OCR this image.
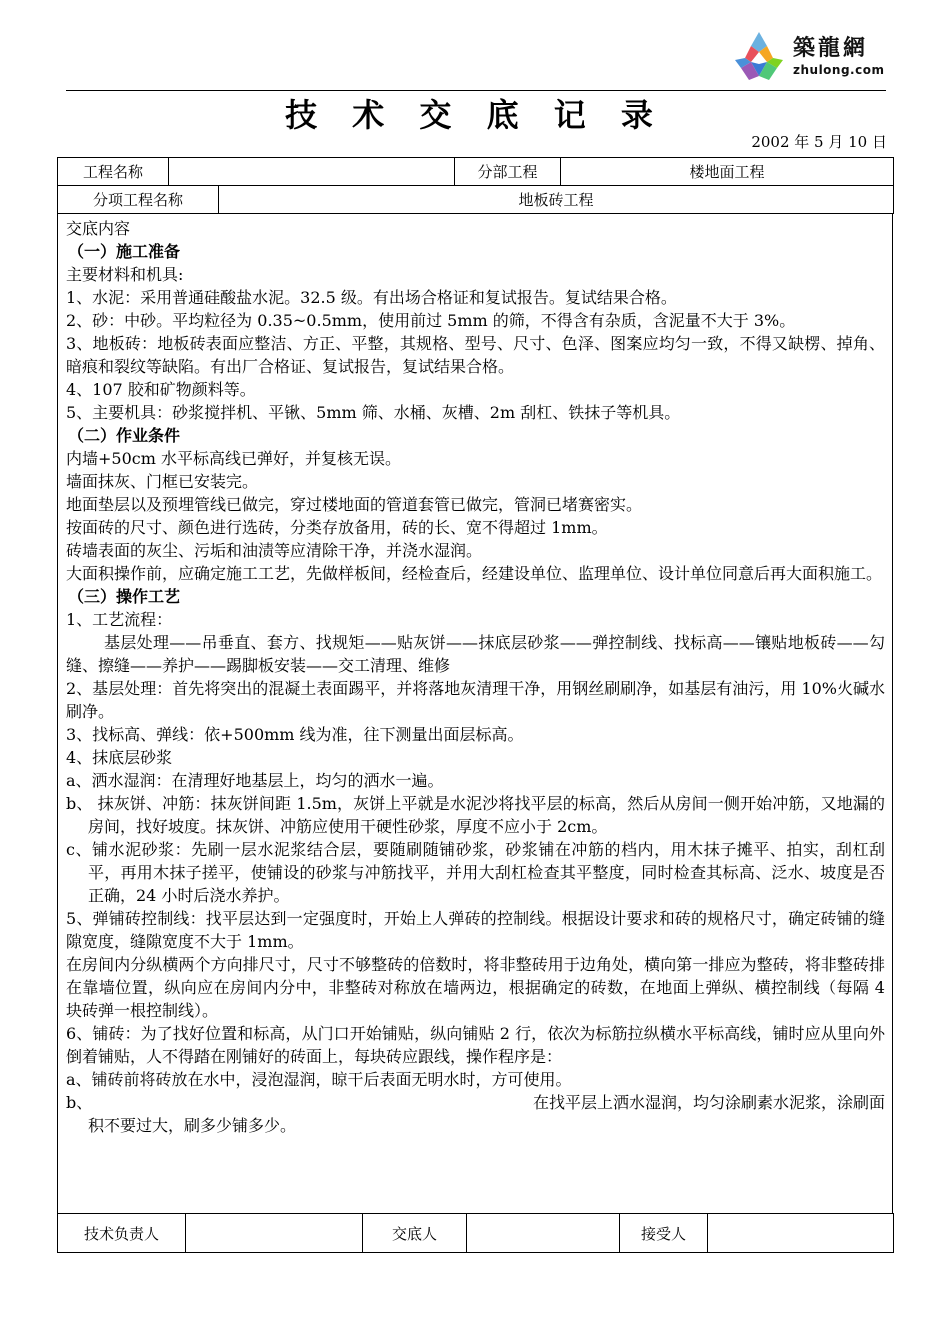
築龍網
zhulong.com
技 术 交 底 记 录
2002 年 5 月 10 日
工程名称		分部工程	楼地面工程
分项工程名称	地板砖工程

交底内容

（一）施工准备

主要材料和机具:

1、水泥：采用普通硅酸盐水泥。32.5 级。有出场合格证和复试报告。复试结果合格。

2、砂：中砂。平均粒径为 0.35~0.5mm，使用前过 5mm 的筛，不得含有杂质，含泥量不大于 3%。

3、地板砖：地板砖表面应整洁、方正、平整，其规格、型号、尺寸、色泽、图案应均匀一致，不得又缺楞、掉角、暗痕和裂纹等缺陷。有出厂合格证、复试报告，复试结果合格。

4、107 胶和矿物颜料等。

5、主要机具：砂浆搅拌机、平锹、5mm 筛、水桶、灰槽、2m 刮杠、铁抹子等机具。

（二）作业条件

内墙+50cm 水平标高线已弹好，并复核无误。

墙面抹灰、门框已安装完。

地面垫层以及预埋管线已做完，穿过楼地面的管道套管已做完，管洞已堵赛密实。

按面砖的尺寸、颜色进行选砖，分类存放备用，砖的长、宽不得超过 1mm。

砖墙表面的灰尘、污垢和油渍等应清除干净，并浇水湿润。

大面积操作前，应确定施工工艺，先做样板间，经检查后，经建设单位、监理单位、设计单位同意后再大面积施工。

（三）操作工艺

1、工艺流程：

基层处理——吊垂直、套方、找规矩——贴灰饼——抹底层砂浆——弹控制线、找标高——镶贴地板砖——勾缝、擦缝——养护——踢脚板安装——交工清理、维修

2、基层处理：首先将突出的混凝土表面踢平，并将落地灰清理干净，用钢丝刷刷净，如基层有油污，用 10%火碱水刷净。

3、找标高、弹线：依+500mm 线为准，往下测量出面层标高。

4、抹底层砂浆

a、洒水湿润：在清理好地基层上，均匀的洒水一遍。

b、 抹灰饼、冲筋：抹灰饼间距 1.5m，灰饼上平就是水泥沙将找平层的标高，然后从房间一侧开始冲筋，又地漏的房间，找好坡度。抹灰饼、冲筋应使用干硬性砂浆，厚度不应小于 2cm。

c、铺水泥砂浆：先刷一层水泥浆结合层，要随刷随铺砂浆，砂浆铺在冲筋的档内，用木抹子摊平、拍实，刮杠刮平，再用木抹子搓平，使铺设的砂浆与冲筋找平，并用大刮杠检查其平整度，同时检查其标高、泛水、坡度是否正确，24 小时后浇水养护。

5、弹铺砖控制线：找平层达到一定强度时，开始上人弹砖的控制线。根据设计要求和砖的规格尺寸，确定砖铺的缝隙宽度，缝隙宽度不大于 1mm。

在房间内分纵横两个方向排尺寸，尺寸不够整砖的倍数时，将非整砖用于边角处，横向第一排应为整砖，将非整砖排在靠墙位置，纵向应在房间内分中，非整砖对称放在墙两边，根据确定的砖数，在地面上弹纵、横控制线（每隔 4 块砖弹一根控制线）。

6、铺砖：为了找好位置和标高，从门口开始铺贴，纵向铺贴 2 行，依次为标筋拉纵横水平标高线，铺时应从里向外倒着铺贴，人不得踏在刚铺好的砖面上，每块砖应跟线，操作程序是：

a、铺砖前将砖放在水中，浸泡湿润，晾干后表面无明水时，方可使用。

b、	在找平层上洒水湿润，均匀涂刷素水泥浆，涂刷面

积不要过大，刷多少铺多少。

技术负责人		交底人		接受人	
